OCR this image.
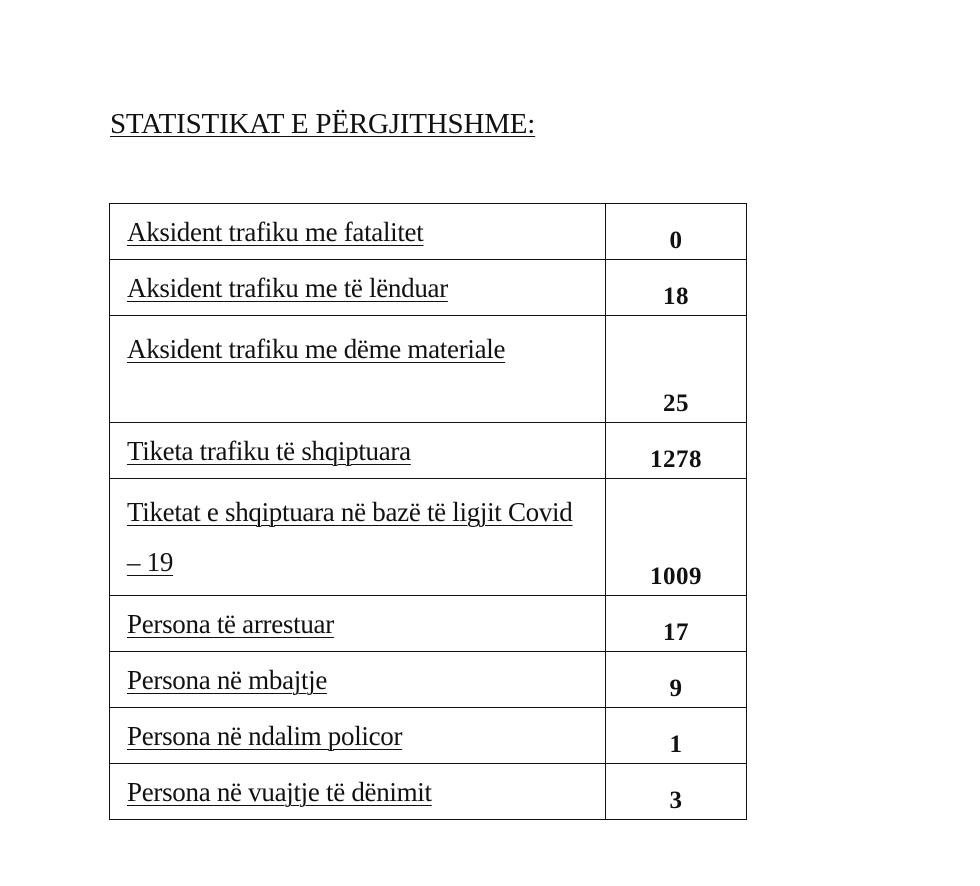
STATISTIKAT E PËRGJITHSHME:
Aksident trafiku me fatalitet	0
Aksident trafiku me të lënduar	18
Aksident trafiku me dëme materiale	25
Tiketa trafiku të shqiptuara	1278
Tiketat e shqiptuara në bazë të ligjit Covid – 19	1009
Persona të arrestuar	17
Persona në mbajtje	9
Persona në ndalim policor	1
Persona në vuajtje të dënimit	3
